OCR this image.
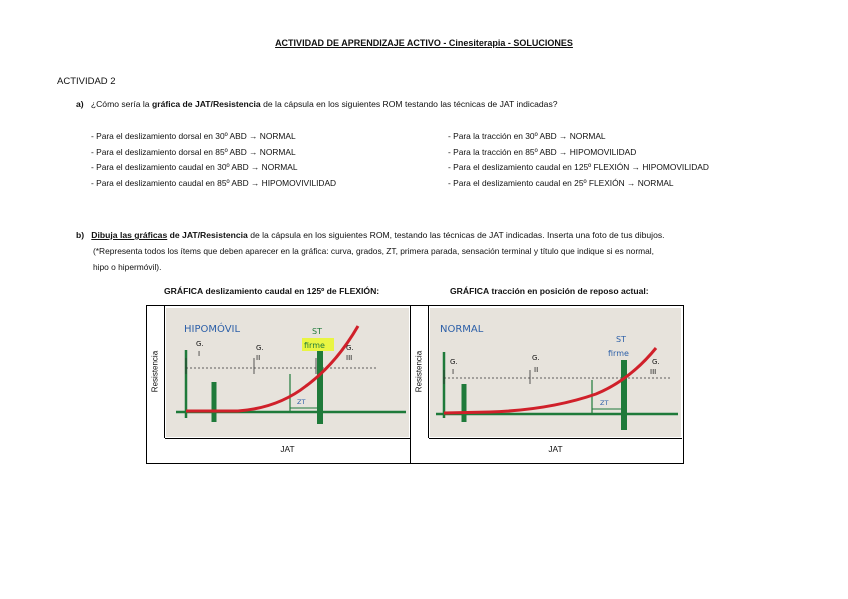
ACTIVIDAD DE APRENDIZAJE ACTIVO - Cinesiterapia - SOLUCIONES
ACTIVIDAD 2
a) ¿Cómo sería la gráfica de JAT/Resistencia de la cápsula en los siguientes ROM testando las técnicas de JAT indicadas?
- Para el deslizamiento dorsal en 30º ABD → NORMAL
- Para el deslizamiento dorsal en 85º ABD → NORMAL
- Para el deslizamiento caudal en 30º ABD → NORMAL
- Para el deslizamiento caudal en 85º ABD → HIPOMOVIVILIDAD
- Para la tracción en 30º ABD → NORMAL
- Para la tracción en 85º ABD → HIPOMOVILIDAD
- Para el deslizamiento caudal en 125º FLEXIÓN → HIPOMOVILIDAD
- Para el deslizamiento caudal en 25º FLEXIÓN → NORMAL
b) Dibuja las gráficas de JAT/Resistencia de la cápsula en los siguientes ROM, testando las técnicas de JAT indicadas. Inserta una foto de tus dibujos.
(*Representa todos los ítems que deben aparecer en la gráfica: curva, grados, ZT, primera parada, sensación terminal y título que indique si es normal,
hipo o hipermóvil).
GRÁFICA deslizamiento caudal en 125º de FLEXIÓN:	GRÁFICA tracción en posición de reposo actual:
Resistencia
JAT
HIPOMÓVIL	ST
firme
G.
I
G.
II
G.
III
ZT
Resistencia
JAT
NORMAL
ST
firme
G.
I
G.
II
G.
III
ZT
